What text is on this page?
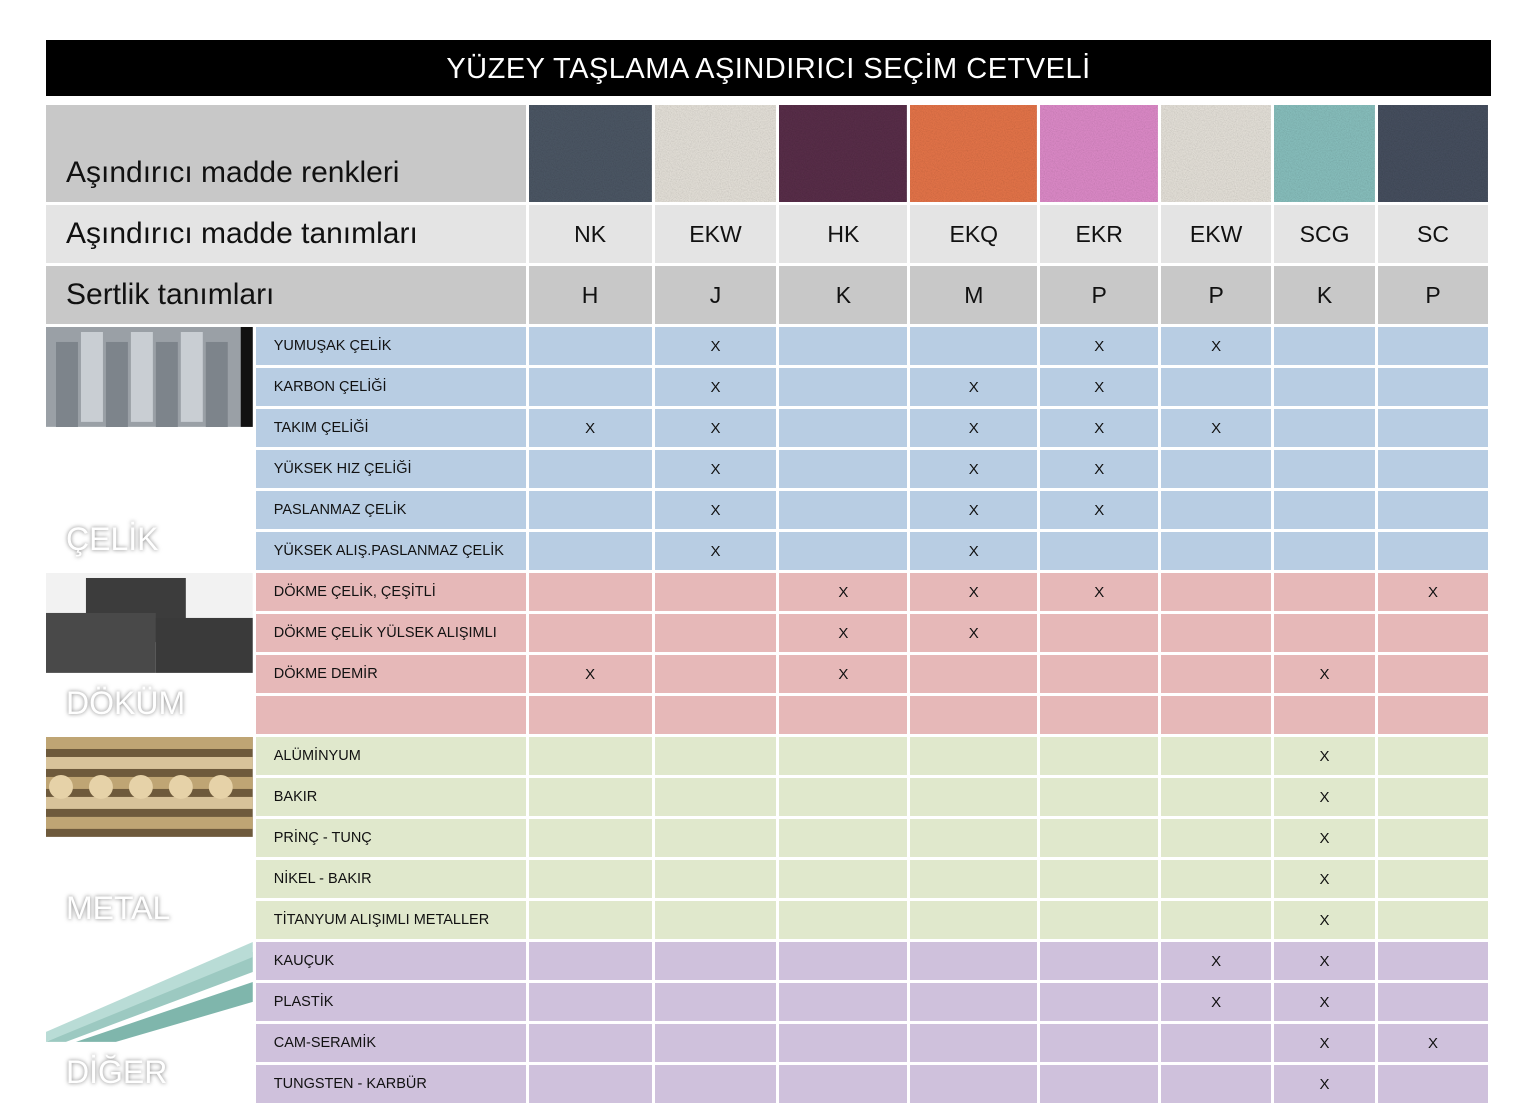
YÜZEY TAŞLAMA AŞINDIRICI SEÇİM CETVELİ
Aşındırıcı madde renkleri	

Aşındırıcı madde tanımları		NK	EKW	HK	EKQ	EKR	EKW	SCG	SC
Sertlik tanımları		H	J	K	M	P	P	K	P

ÇELİK	YUMUŞAK ÇELİK		X			X	X		
	KARBON ÇELİĞİ		X		X	X			
	TAKIM ÇELİĞİ	X	X		X	X	X		
	YÜKSEK HIZ ÇELİĞİ		X		X	X			
	PASLANMAZ ÇELİK		X		X	X			
	YÜKSEK ALIŞ.PASLANMAZ ÇELİK		X		X				

DÖKÜM	DÖKME ÇELİK, ÇEŞİTLİ			X	X	X			X
	DÖKME ÇELİK YÜLSEK ALIŞIMLI			X	X				
	DÖKME DEMİR	X		X				X	

METAL	ALÜMİNYUM							X	
	BAKIR							X	
	PRİNÇ - TUNÇ							X	
	NİKEL - BAKIR							X	
	TİTANYUM ALIŞIMLI METALLER							X	

DİĞER	KAUÇUK						X	X	
	PLASTİK						X	X	
	CAM-SERAMİK							X	X
	TUNGSTEN - KARBÜR							X	
